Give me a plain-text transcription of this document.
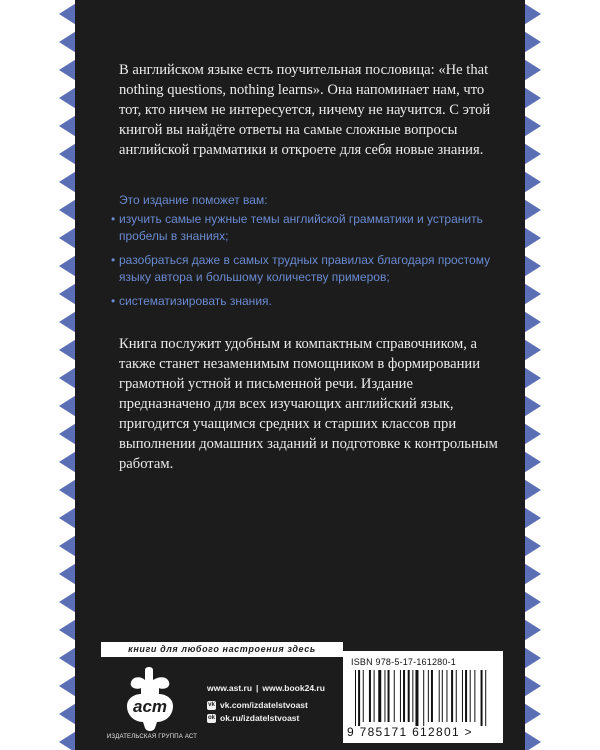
В английском языке есть поучительная пословица: «He that nothing questions, nothing learns». Она напоминает нам, что тот, кто ничем не интересуется, ничему не научится. С этой книгой вы найдёте ответы на самые сложные вопросы английской грамматики и откроете для себя новые знания.

Это издание поможет вам:

• изучить самые нужные темы английской грамматики и устранить пробелы в знаниях;
• разобраться даже в самых трудных правилах благодаря простому языку автора и большому количеству примеров;
• систематизировать знания.

Книга послужит удобным и компактным справочником, а также станет незаменимым помощником в формировании грамотной устной и письменной речи. Издание предназначено для всех изучающих английский язык, пригодится учащимся средних и старших классов при выполнении домашних заданий и подготовке к контрольным работам.

книги для любого настроения здесь
аст
ИЗДАТЕЛЬСКАЯ ГРУППА АСТ
www.ast.ru | www.book24.ru
vk vk.com/izdatelstvoast
ok ok.ru/izdatelstvoast
ISBN 978-5-17-161280-1
9 785171 612801 >
